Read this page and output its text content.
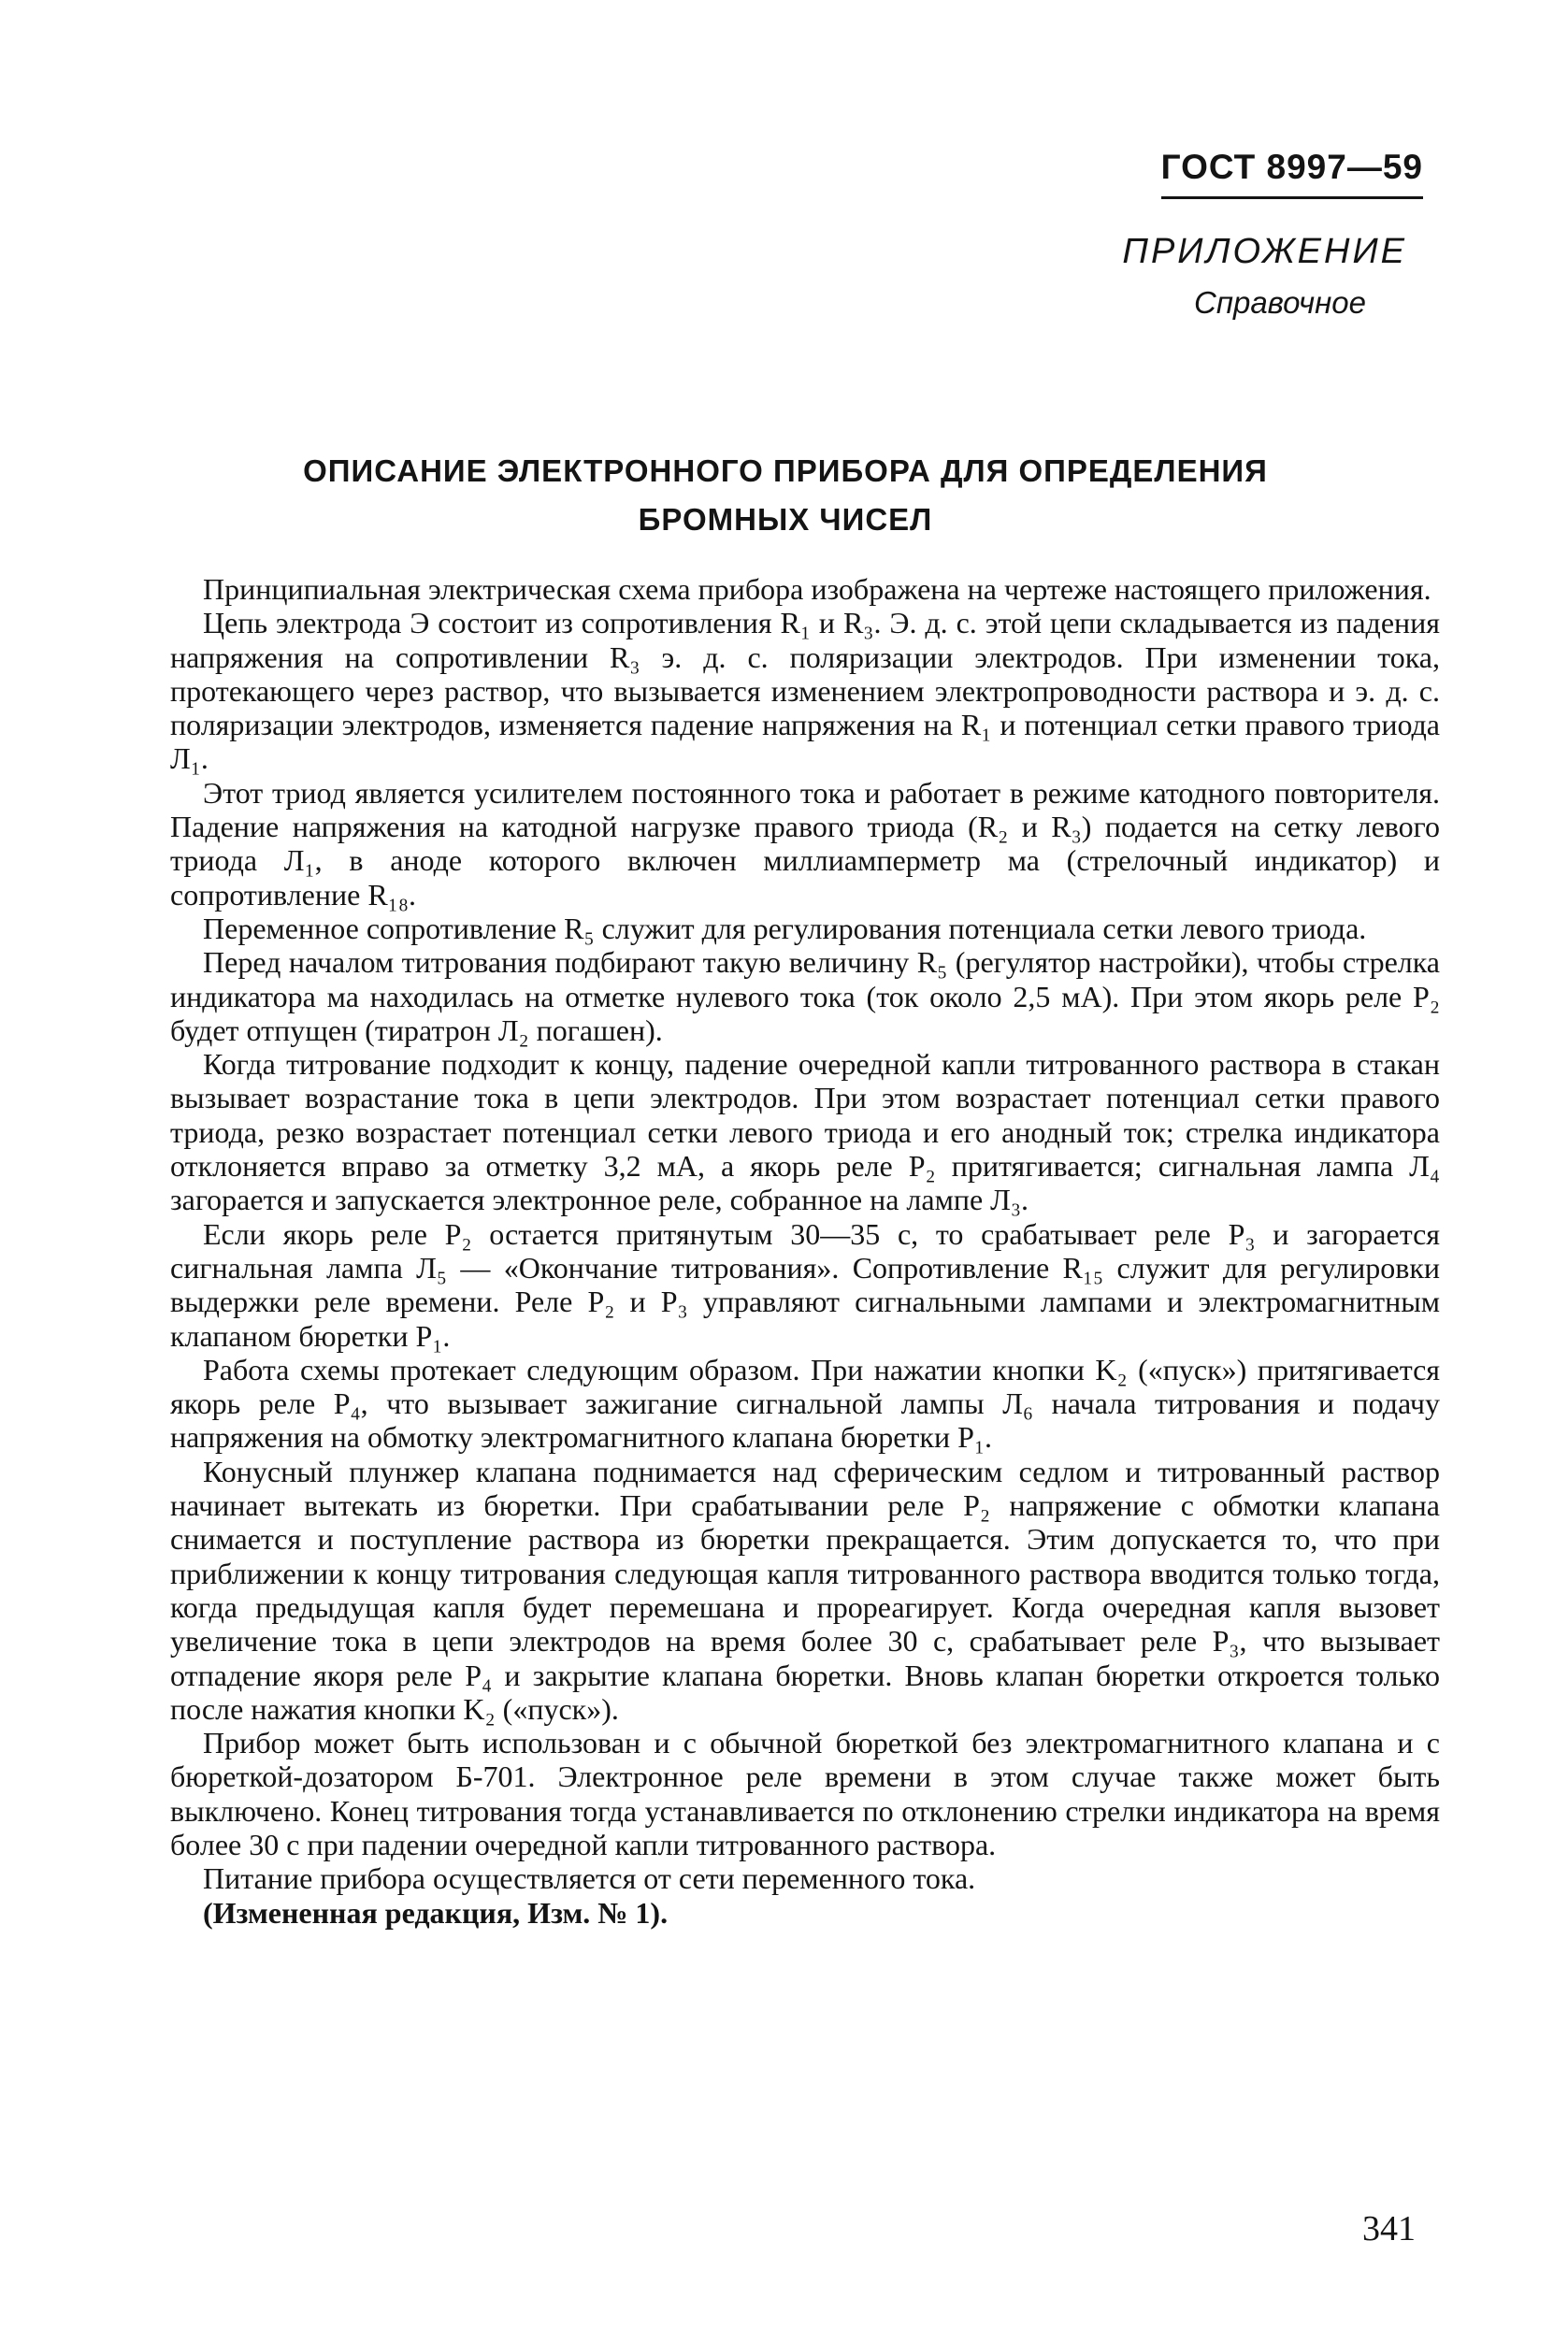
ГОСТ 8997—59
ПРИЛОЖЕНИЕ
Справочное
ОПИСАНИЕ ЭЛЕКТРОННОГО ПРИБОРА ДЛЯ ОПРЕДЕЛЕНИЯ
БРОМНЫХ ЧИСЕЛ

Принципиальная электрическая схема прибора изображена на чертеже настоящего приложения.

Цепь электрода Э состоит из сопротивления R₁ и R₃. Э. д. с. этой цепи складывается из падения напряжения на сопротивлении R₃ э. д. с. поляризации электродов. При изменении тока, протекающего через раствор, что вызывается изменением электропроводности раствора и э. д. с. поляризации электродов, изменяется падение напряжения на R₁ и потенциал сетки правого триода Л₁.

Этот триод является усилителем постоянного тока и работает в режиме катодного повторителя. Падение напряжения на катодной нагрузке правого триода (R₂ и R₃) подается на сетку левого триода Л₁, в аноде которого включен миллиамперметр ма (стрелочный индикатор) и сопротивление R₁₈.

Переменное сопротивление R₅ служит для регулирования потенциала сетки левого триода.

Перед началом титрования подбирают такую величину R₅ (регулятор настройки), чтобы стрелка индикатора ма находилась на отметке нулевого тока (ток около 2,5 мА). При этом якорь реле P₂ будет отпущен (тиратрон Л₂ погашен).

Когда титрование подходит к концу, падение очередной капли титрованного раствора в стакан вызывает возрастание тока в цепи электродов. При этом возрастает потенциал сетки правого триода, резко возрастает потенциал сетки левого триода и его анодный ток; стрелка индикатора отклоняется вправо за отметку 3,2 мА, а якорь реле P₂ притягивается; сигнальная лампа Л₄ загорается и запускается электронное реле, собранное на лампе Л₃.

Если якорь реле P₂ остается притянутым 30—35 с, то срабатывает реле P₃ и загорается сигнальная лампа Л₅ — «Окончание титрования». Сопротивление R₁₅ служит для регулировки выдержки реле времени. Реле P₂ и P₃ управляют сигнальными лампами и электромагнитным клапаном бюретки P₁.

Работа схемы протекает следующим образом. При нажатии кнопки K₂ («пуск») притягивается якорь реле P₄, что вызывает зажигание сигнальной лампы Л₆ начала титрования и подачу напряжения на обмотку электромагнитного клапана бюретки P₁.

Конусный плунжер клапана поднимается над сферическим седлом и титрованный раствор начинает вытекать из бюретки. При срабатывании реле P₂ напряжение с обмотки клапана снимается и поступление раствора из бюретки прекращается. Этим допускается то, что при приближении к концу титрования следующая капля титрованного раствора вводится только тогда, когда предыдущая капля будет перемешана и прореагирует. Когда очередная капля вызовет увеличение тока в цепи электродов на время более 30 с, срабатывает реле P₃, что вызывает отпадение якоря реле P₄ и закрытие клапана бюретки. Вновь клапан бюретки откроется только после нажатия кнопки K₂ («пуск»).

Прибор может быть использован и с обычной бюреткой без электромагнитного клапана и с бюреткой-дозатором Б-701. Электронное реле времени в этом случае также может быть выключено. Конец титрования тогда устанавливается по отклонению стрелки индикатора на время более 30 с при падении очередной капли титрованного раствора.

Питание прибора осуществляется от сети переменного тока.

(Измененная редакция, Изм. № 1).

341
